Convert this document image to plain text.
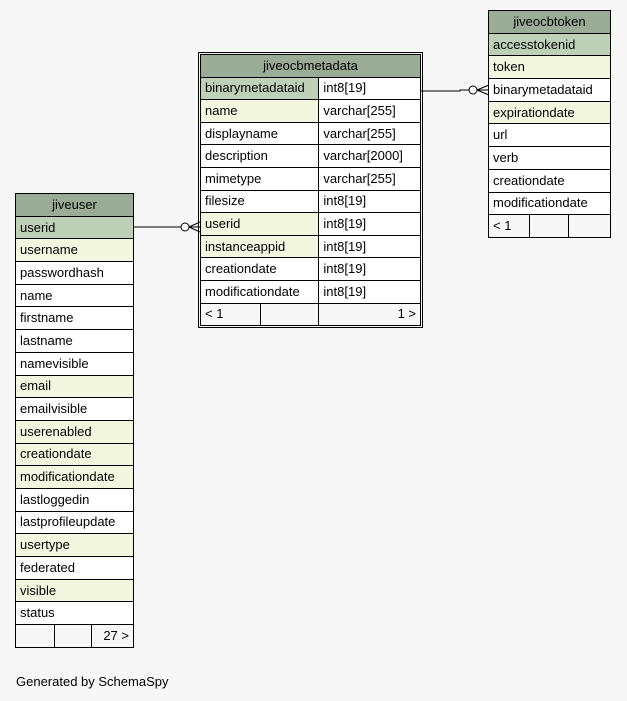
jiveuser
userid
username
passwordhash
name
firstname
lastname
namevisible
email
emailvisible
userenabled
creationdate
modificationdate
lastloggedin
lastprofileupdate
usertype
federated
visible
status
		27 >
jiveocbmetadata		
binarymetadataid		int8[19]
name		varchar[255]
displayname		varchar[255]
description		varchar[2000]
mimetype		varchar[255]
filesize		int8[19]
userid		int8[19]
instanceappid		int8[19]
creationdate		int8[19]
modificationdate		int8[19]
< 1		1 >
jiveocbtoken
accesstokenid
token
binarymetadataid
expirationdate
url
verb
creationdate
modificationdate
< 1		
Generated by SchemaSpy
